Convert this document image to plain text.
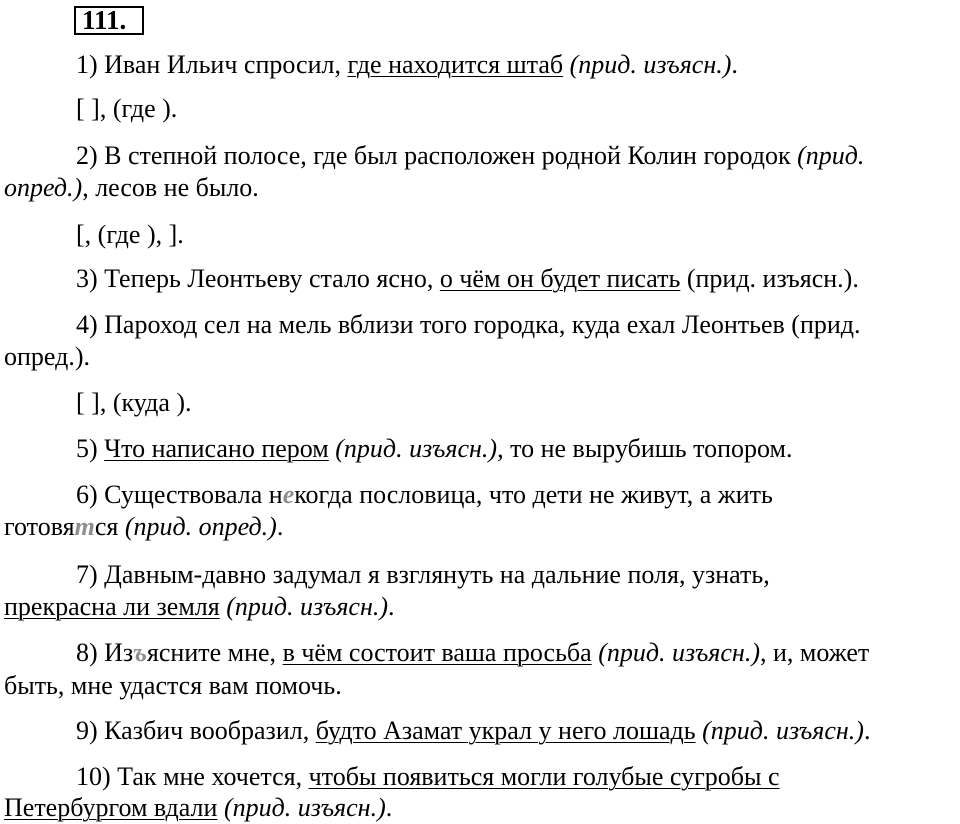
111.
1) Иван Ильич спросил, где находится штаб (прид. изъясн.).
[ ], (где ).
2) В степной полосе, где был расположен родной Колин городок (прид.
опред.), лесов не было.
[, (где ), ].
3) Теперь Леонтьеву стало ясно, о чём он будет писать (прид. изъясн.).
4) Пароход сел на мель вблизи того городка, куда ехал Леонтьев (прид.
опред.).
[ ], (куда ).
5) Что написано пером (прид. изъясн.), то не вырубишь топором.
6) Существовала некогда пословица, что дети не живут, а жить
готовятся (прид. опред.).
7) Давным-давно задумал я взглянуть на дальние поля, узнать,
прекрасна ли земля (прид. изъясн.).
8) Изъясните мне, в чём состоит ваша просьба (прид. изъясн.), и, может
быть, мне удастся вам помочь.
9) Казбич вообразил, будто Азамат украл у него лошадь (прид. изъясн.).
10) Так мне хочется, чтобы появиться могли голубые сугробы с
Петербургом вдали (прид. изъясн.).
